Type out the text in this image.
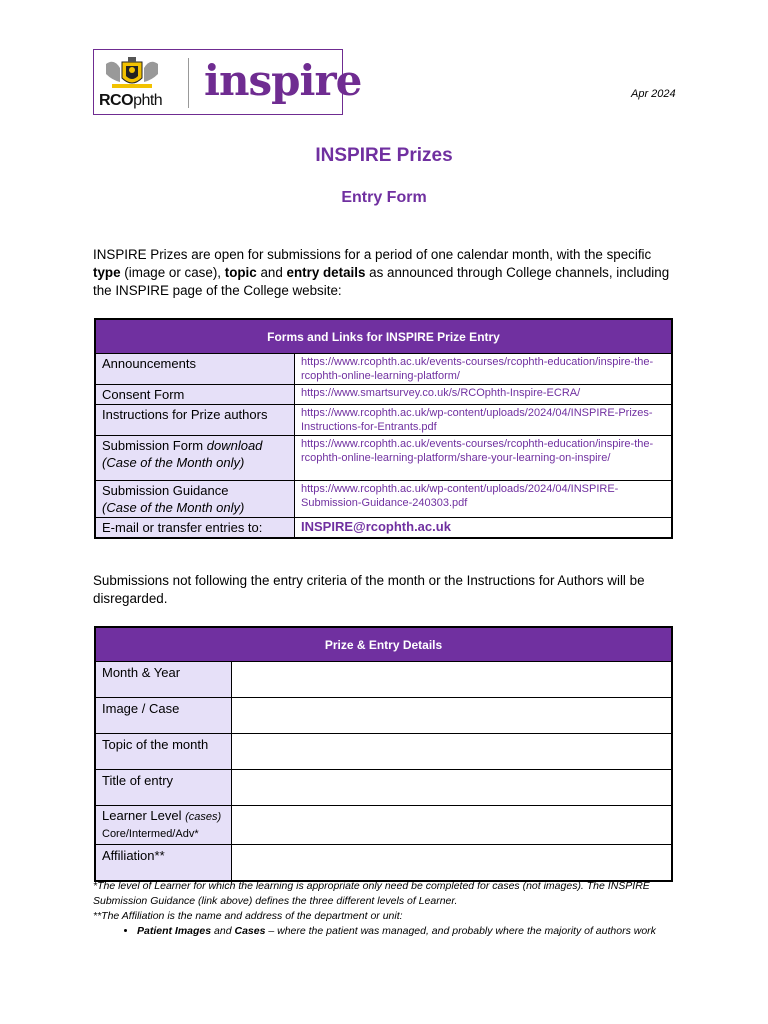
RCOphth inspire	Apr 2024
INSPIRE Prizes
Entry Form
INSPIRE Prizes are open for submissions for a period of one calendar month, with the specific type (image or case), topic and entry details as announced through College channels, including the INSPIRE page of the College website:
Forms and Links for INSPIRE Prize Entry	
Announcements	https://www.rcophth.ac.uk/events-courses/rcophth-education/inspire-the-rcophth-online-learning-platform/
Consent Form	https://www.smartsurvey.co.uk/s/RCOphth-Inspire-ECRA/
Instructions for Prize authors	https://www.rcophth.ac.uk/wp-content/uploads/2024/04/INSPIRE-Prizes-Instructions-for-Entrants.pdf
Submission Form download
(Case of the Month only)	https://www.rcophth.ac.uk/events-courses/rcophth-education/inspire-the-rcophth-online-learning-platform/share-your-learning-on-inspire/
Submission Guidance
(Case of the Month only)	https://www.rcophth.ac.uk/wp-content/uploads/2024/04/INSPIRE-Submission-Guidance-240303.pdf
E-mail or transfer entries to:	INSPIRE@rcophth.ac.uk
Submissions not following the entry criteria of the month or the Instructions for Authors will be disregarded.
Prize & Entry Details	
Month & Year	
Image / Case	
Topic of the month	
Title of entry	
Learner Level (cases)
Core/Intermed/Adv*	
Affiliation**	
*The level of Learner for which the learning is appropriate only need be completed for cases (not images). The INSPIRE Submission Guidance (link above) defines the three different levels of Learner.
**The Affiliation is the name and address of the department or unit:
• Patient Images and Cases – where the patient was managed, and probably where the majority of authors work
